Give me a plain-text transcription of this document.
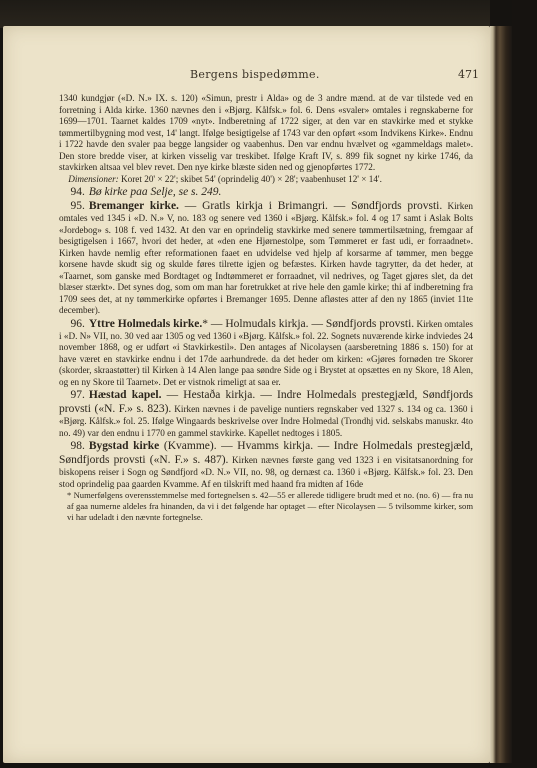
Bergens bispedømme.	471

1340 kundgjør («D. N.» IX. s. 120) «Simun, prestr i Alda» og de 3 andre mænd. at de var tilstede ved en forretning i Alda kirke. 1360 nævnes den i «Bjørg. Kålfsk.» fol. 6. Dens «svaler» omtales i regnskaberne for 1699—1701. Taarnet kaldes 1709 «nyt». Indberetning af 1722 siger, at den var en stavkirke med et stykke tømmertilbygning mod vest, 14' langt. Ifølge besigtigelse af 1743 var den opført «som Indvikens Kirke». Endnu i 1722 havde den svaler paa begge langsider og vaabenhus. Den var endnu hvælvet og «gammeldags malet». Den store bredde viser, at kirken visselig var treskibet. Ifølge Kraft IV, s. 899 fik sognet ny kirke 1746, da stavkirken altsaa vel blev revet. Den nye kirke blæste siden ned og gjenopførtes 1772.

 Dimensioner: Koret 20' × 22'; skibet 54' (oprindelig 40') × 28'; vaabenhuset 12' × 14'.

 94. Bø kirke paa Selje, se s. 249.

 95. Bremanger kirke. — Gratls kirkja i Brimangri. — Søndfjords provsti. Kirken omtales ved 1345 i «D. N.» V, no. 183 og senere ved 1360 i «Bjørg. Kålfsk.» fol. 4 og 17 samt i Aslak Bolts «Jordebog» s. 108 f. ved 1432. At den var en oprindelig stavkirke med senere tømmertilsætning, fremgaar af besigtigelsen i 1667, hvori det heder, at «den ene Hjørnestolpe, som Tømmeret er fast udi, er forraadnet». Kirken havde nemlig efter reformationen faaet en udvidelse ved hjelp af korsarme af tømmer, men begge korsene havde skudt sig og skulde føres tilrette igjen og befæstes. Kirken havde tagrytter, da det heder, at «Taarnet, som ganske med Bordtaget og Indtømmeret er forraadnet, vil nedrives, og Taget gjøres slet, da det blæser stærkt». Det synes dog, som om man har foretrukket at rive hele den gamle kirke; thi af indberetning fra 1709 sees det, at ny tømmerkirke opførtes i Bremanger 1695. Denne afløstes atter af den ny 1865 (inviet 11te december).

 96. Yttre Holmedals kirke.* — Holmudals kirkja. — Søndfjords provsti. Kirken omtales i «D. N» VII, no. 30 ved aar 1305 og ved 1360 i «Bjørg. Kålfsk.» fol. 22. Sognets nuværende kirke indviedes 24 november 1868, og er udført «i Stavkirkestil». Den antages af Nicolaysen (aarsberetning 1886 s. 150) for at have været en stavkirke endnu i det 17de aarhundrede. da det heder om kirken: «Gjøres fornøden tre Skorer (skorder, skraastøtter) til Kirken à 14 Alen lange paa søndre Side og i Brystet at opsættes en ny Skore, 18 Alen, og en ny Skore til Taarnet». Det er vistnok rimeligt at saa er.

 97. Hæstad kapel. — Hestaðа kirkja. — Indre Holmedals prestegjæld, Søndfjords provsti («N. F.» s. 823). Kirken nævnes i de pavelige nuntiers regnskaber ved 1327 s. 134 og ca. 1360 i «Bjørg. Kålfsk.» fol. 25. Ifølge Wingaards beskrivelse over Indre Holmedal (Trondhj vid. selskabs manuskr. 4to no. 49) var den endnu i 1770 en gammel stavkirke. Kapellet nedtoges i 1805.

 98. Bygstad kirke (Kvamme). — Hvamms kirkja. — Indre Holmedals prestegjæld, Søndfjords provsti («N. F.» s. 487). Kirken nævnes første gang ved 1323 i en visitatsanordning for biskopens reiser i Sogn og Søndfjord «D. N.» VII, no. 98, og dernæst ca. 1360 i «Bjørg. Kålfsk.» fol. 23. Den stod oprindelig paa gaarden Kvamme. Af en tilskrift med haand fra midten af 16de

* Numerfølgens overensstemmelse med fortegnelsen s. 42—55 er allerede tidligere brudt med et no. (no. 6) — fra nu af gaa numerne aldeles fra hinanden, da vi i det følgende har optaget — efter Nicolaysen — 5 tvilsomme kirker, som vi har udeladt i den nævnte fortegnelse.
